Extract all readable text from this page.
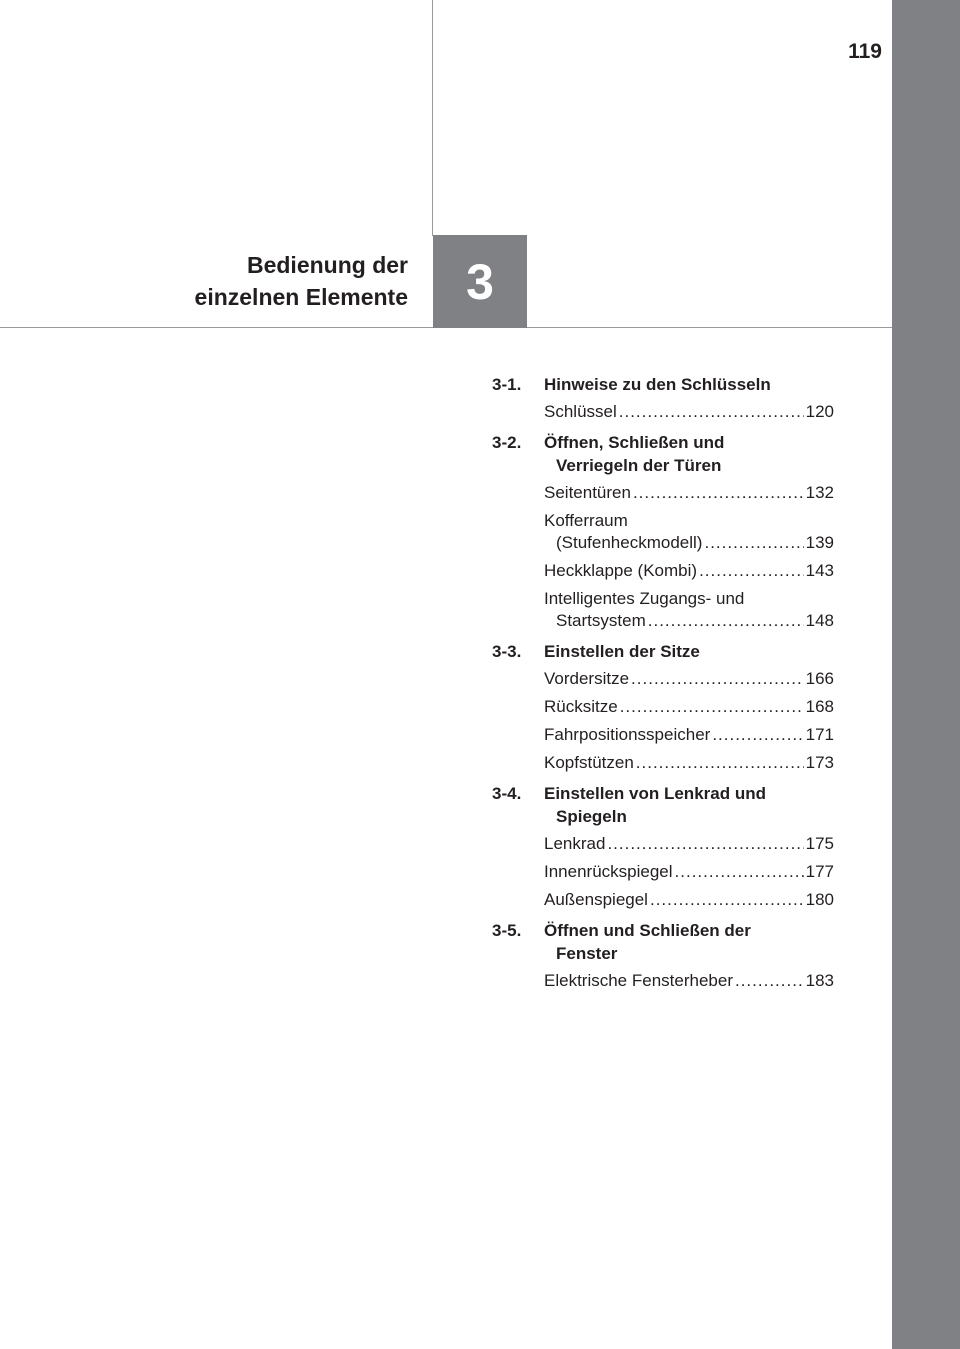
119
3
Bedienung der
einzelnen Elemente
3-1.	Hinweise zu den Schlüsseln
Schlüssel .....	120
3-2.	Öffnen, Schließen und
Verriegeln der Türen
Seitentüren .....	132
Kofferraum
(Stufenheckmodell) .....	139
Heckklappe (Kombi) .....	143
Intelligentes Zugangs- und
Startsystem .....	148
3-3.	Einstellen der Sitze
Vordersitze .....	166
Rücksitze .....	168
Fahrpositionsspeicher .....	171
Kopfstützen .....	173
3-4.	Einstellen von Lenkrad und
Spiegeln
Lenkrad .....	175
Innenrückspiegel .....	177
Außenspiegel .....	180
3-5.	Öffnen und Schließen der
Fenster
Elektrische Fensterheber .....	183
